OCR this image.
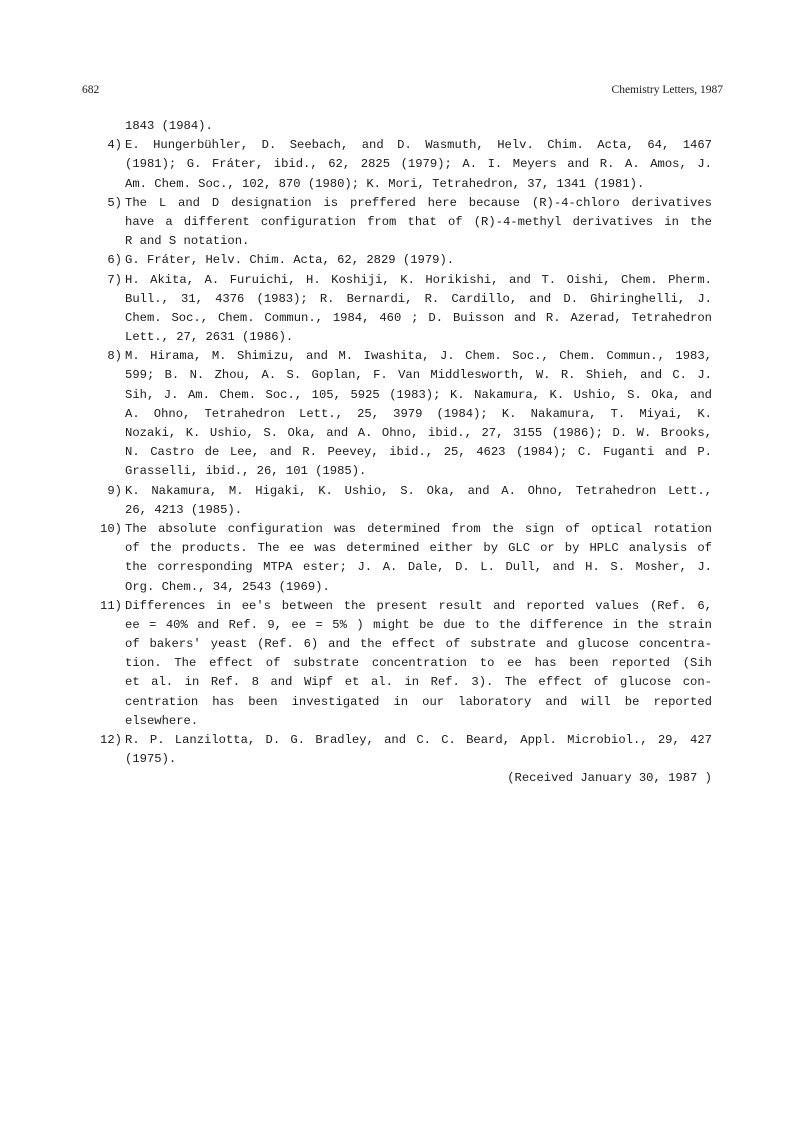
682	Chemistry Letters, 1987
1843 (1984).
4) E. Hungerbühler, D. Seebach, and D. Wasmuth, Helv. Chim. Acta, 64, 1467
(1981); G. Fráter, ibid., 62, 2825 (1979); A. I. Meyers and R. A. Amos, J.
Am. Chem. Soc., 102, 870 (1980); K. Mori, Tetrahedron, 37, 1341 (1981).
5) The L and D designation is preffered here because (R)-4-chloro derivatives
have a different configuration from that of (R)-4-methyl derivatives in the
R and S notation.
6) G. Fráter, Helv. Chim. Acta, 62, 2829 (1979).
7) H. Akita, A. Furuichi, H. Koshiji, K. Horikishi, and T. Oishi, Chem. Pherm.
Bull., 31, 4376 (1983); R. Bernardi, R. Cardillo, and D. Ghiringhelli, J.
Chem. Soc., Chem. Commun., 1984, 460 ; D. Buisson and R. Azerad, Tetrahedron
Lett., 27, 2631 (1986).
8) M. Hirama, M. Shimizu, and M. Iwashita, J. Chem. Soc., Chem. Commun., 1983,
599; B. N. Zhou, A. S. Goplan, F. Van Middlesworth, W. R. Shieh, and C. J.
Sih, J. Am. Chem. Soc., 105, 5925 (1983); K. Nakamura, K. Ushio, S. Oka, and
A. Ohno, Tetrahedron Lett., 25, 3979 (1984); K. Nakamura, T. Miyai, K.
Nozaki, K. Ushio, S. Oka, and A. Ohno, ibid., 27, 3155 (1986); D. W. Brooks,
N. Castro de Lee, and R. Peevey, ibid., 25, 4623 (1984); C. Fuganti and P.
Grasselli, ibid., 26, 101 (1985).
9) K. Nakamura, M. Higaki, K. Ushio, S. Oka, and A. Ohno, Tetrahedron Lett.,
26, 4213 (1985).
10) The absolute configuration was determined from the sign of optical rotation
of the products. The ee was determined either by GLC or by HPLC analysis of
the corresponding MTPA ester; J. A. Dale, D. L. Dull, and H. S. Mosher, J.
Org. Chem., 34, 2543 (1969).
11) Differences in ee's between the present result and reported values (Ref. 6,
ee = 40% and Ref. 9, ee = 5% ) might be due to the difference in the strain
of bakers' yeast (Ref. 6) and the effect of substrate and glucose concentra-
tion. The effect of substrate concentration to ee has been reported (Sih
et al. in Ref. 8 and Wipf et al. in Ref. 3). The effect of glucose con-
centration has been investigated in our laboratory and will be reported
elsewhere.
12) R. P. Lanzilotta, D. G. Bradley, and C. C. Beard, Appl. Microbiol., 29, 427
(1975).
(Received January 30, 1987 )
